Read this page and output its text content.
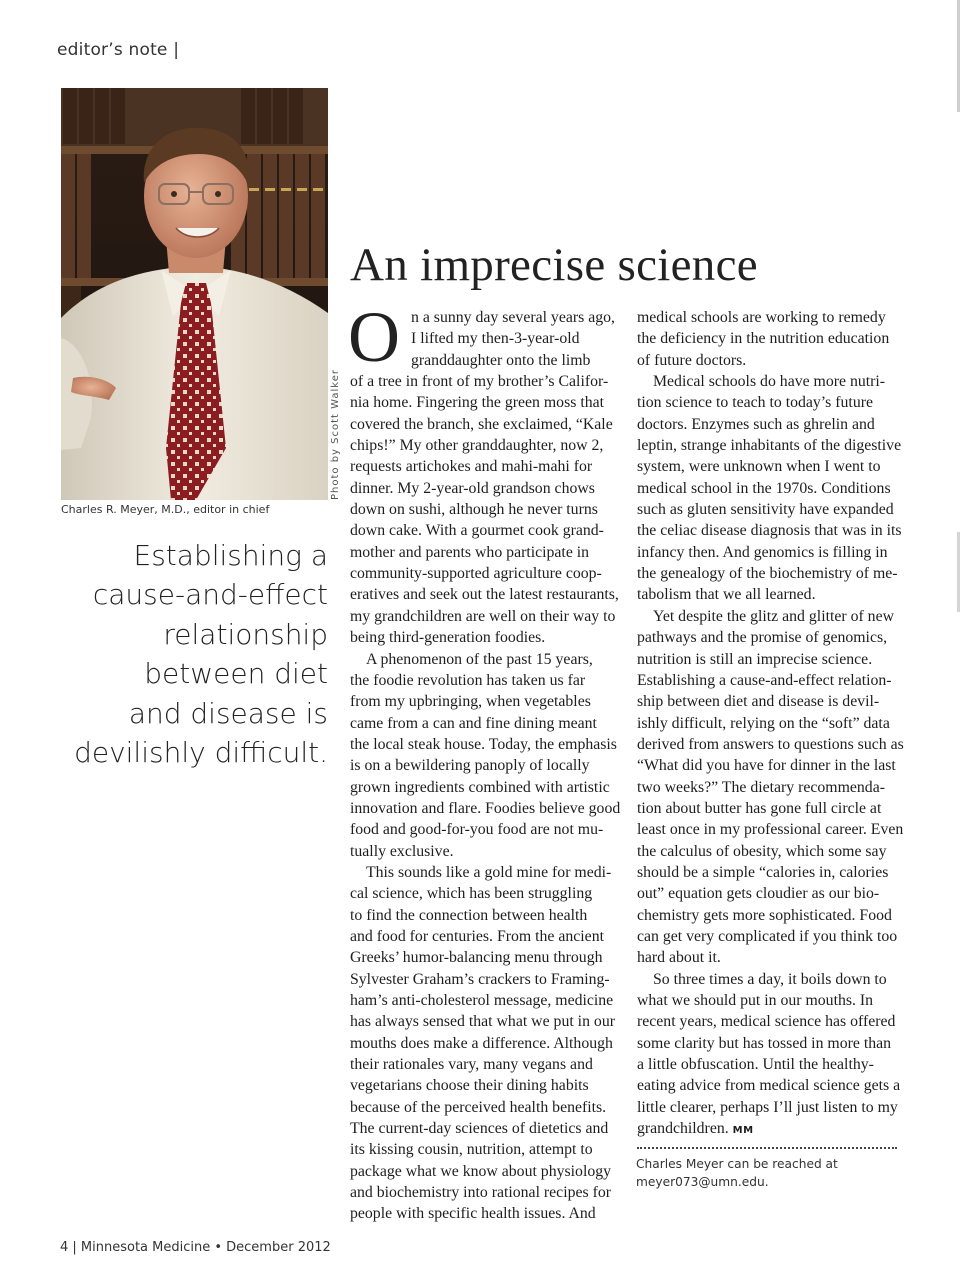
editor’s note |
Photo by Scott Walker
Charles R. Meyer, M.D., editor in chief
Establishing a
cause-and-effect
relationship
between diet
and disease is
devilishly difficult.
An imprecise science
O n a sunny day several years ago,
I lifted my then-3-year-old
granddaughter onto the limb
of a tree in front of my brother’s Califor-
nia home. Fingering the green moss that
covered the branch, she exclaimed, “Kale
chips!” My other granddaughter, now 2,
requests artichokes and mahi-mahi for
dinner. My 2-year-old grandson chows
down on sushi, although he never turns
down cake. With a gourmet cook grand-
mother and parents who participate in
community-supported agriculture coop-
eratives and seek out the latest restaurants,
my grandchildren are well on their way to
being third-generation foodies.
A phenomenon of the past 15 years,
the foodie revolution has taken us far
from my upbringing, when vegetables
came from a can and fine dining meant
the local steak house. Today, the emphasis
is on a bewildering panoply of locally
grown ingredients combined with artistic
innovation and flare. Foodies believe good
food and good-for-you food are not mu-
tually exclusive.
This sounds like a gold mine for medi-
cal science, which has been struggling
to find the connection between health
and food for centuries. From the ancient
Greeks’ humor-balancing menu through
Sylvester Graham’s crackers to Framing-
ham’s anti-cholesterol message, medicine
has always sensed that what we put in our
mouths does make a difference. Although
their rationales vary, many vegans and
vegetarians choose their dining habits
because of the perceived health benefits.
The current-day sciences of dietetics and
its kissing cousin, nutrition, attempt to
package what we know about physiology
and biochemistry into rational recipes for
people with specific health issues. And
medical schools are working to remedy
the deficiency in the nutrition education
of future doctors.
Medical schools do have more nutri-
tion science to teach to today’s future
doctors. Enzymes such as ghrelin and
leptin, strange inhabitants of the digestive
system, were unknown when I went to
medical school in the 1970s. Conditions
such as gluten sensitivity have expanded
the celiac disease diagnosis that was in its
infancy then. And genomics is filling in
the genealogy of the biochemistry of me-
tabolism that we all learned.
Yet despite the glitz and glitter of new
pathways and the promise of genomics,
nutrition is still an imprecise science.
Establishing a cause-and-effect relation-
ship between diet and disease is devil-
ishly difficult, relying on the “soft” data
derived from answers to questions such as
“What did you have for dinner in the last
two weeks?” The dietary recommenda-
tion about butter has gone full circle at
least once in my professional career. Even
the calculus of obesity, which some say
should be a simple “calories in, calories
out” equation gets cloudier as our bio-
chemistry gets more sophisticated. Food
can get very complicated if you think too
hard about it.
So three times a day, it boils down to
what we should put in our mouths. In
recent years, medical science has offered
some clarity but has tossed in more than
a little obfuscation. Until the healthy-
eating advice from medical science gets a
little clearer, perhaps I’ll just listen to my
grandchildren. MM
Charles Meyer can be reached at
meyer073@umn.edu.
4 | Minnesota Medicine • December 2012
